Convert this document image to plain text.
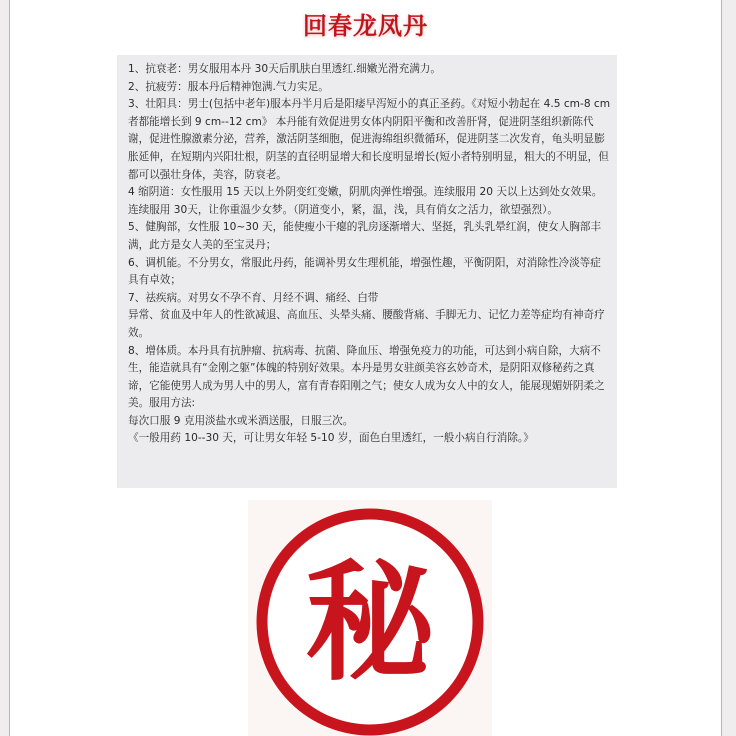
回春龙凤丹

1、抗衰老：男女服用本丹 30天后肌肤白里透红.细嫩光滑充满力。

2、抗疲劳：服本丹后精神饱满.气力实足。

3、壮阳具：男士(包括中老年)服本丹半月后是阳痿早泻短小的真正圣药。《对短小勃起在 4.5 cm-8 cm者都能增长到 9 cm--12 cm》 本丹能有效促进男女体内阴阳平衡和改善肝肾，促进阴茎组织新陈代谢，促进性腺激素分泌，营养，激活阴茎细胞，促进海绵组织微循环，促进阴茎二次发育，龟头明显膨胀延伸，在短期内兴阳壮根，阴茎的直径明显增大和长度明显增长(短小者特别明显，粗大的不明显，但都可以强壮身体，美容，防衰老。

4 缩阴道：女性服用 15 天以上外阴变红变嫩，阴肌肉弹性增强。连续服用 20 天以上达到处女效果。连续服用 30天，让你重温少女梦。（阴道变小，紧，温，浅，具有俏女之活力，欲望强烈）。

5、健胸部，女性服 10~30 天，能使瘦小干瘪的乳房逐渐增大、坚挺，乳头乳晕红润，使女人胸部丰满，此方是女人美的至宝灵丹；

6、调机能。不分男女，常服此丹药，能调补男女生理机能，增强性趣，平衡阴阳，对消除性冷淡等症具有卓效；

7、祛疾病。对男女不孕不育、月经不调、痛经、白带

异常、贫血及中年人的性欲减退、高血压、头晕头痛、腰酸背痛、手脚无力、记忆力差等症均有神奇疗效。

8、增体质。本丹具有抗肿瘤、抗病毒、抗菌、降血压、增强免疫力的功能，可达到小病自除，大病不生，能造就具有“金刚之躯”体魄的特别好效果。本丹是男女驻颜美容玄妙奇术，是阴阳双修秘药之真谛，它能使男人成为男人中的男人，富有青春阳刚之气；使女人成为女人中的女人，能展现媚妍阴柔之美。服用方法:

每次口服 9 克用淡盐水或米酒送服，日服三次。

《一般用药 10--30 天，可让男女年轻 5-10 岁，面色白里透红，一般小病自行消除。》

秘
